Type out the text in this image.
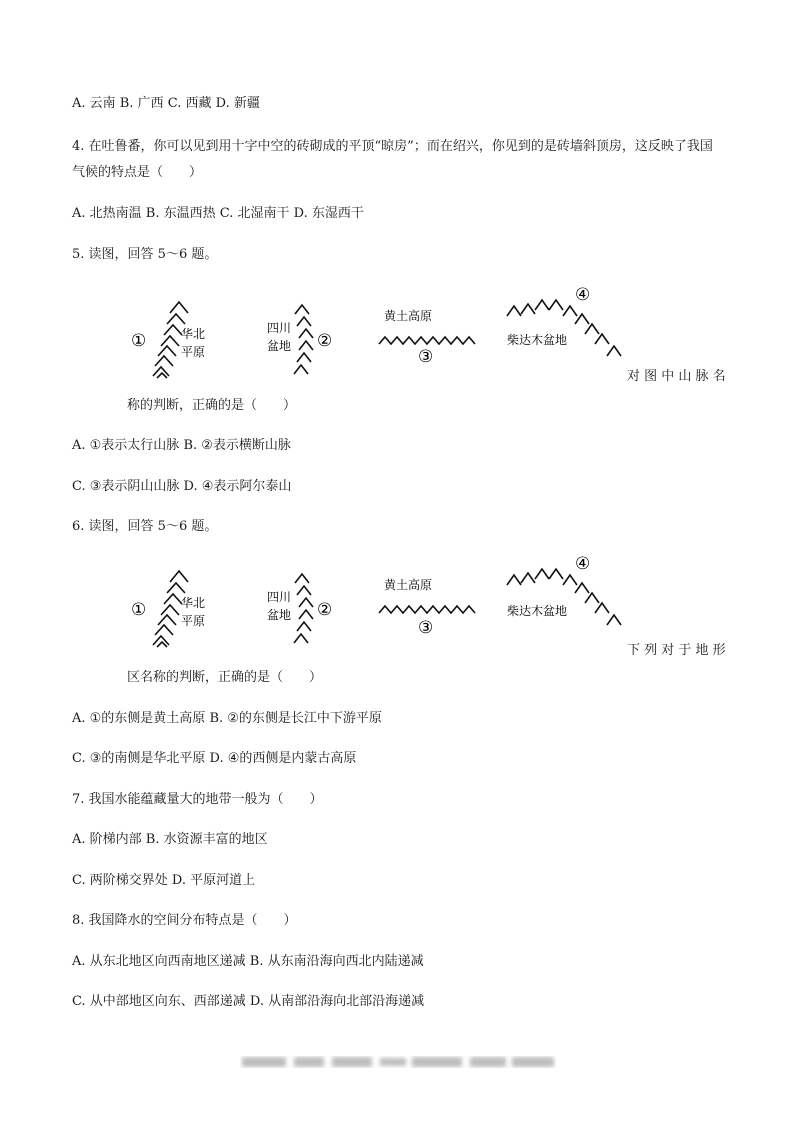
A. 云南 B. 广西 C. 西藏 D. 新疆
4. 在吐鲁番，你可以见到用十字中空的砖砌成的平顶“晾房”；而在绍兴，你见到的是砖墙斜顶房，这反映了我国气候的特点是（　　）
A. 北热南温 B. 东温西热 C. 北湿南干 D. 东湿西干
5. 读图，回答 5～6 题。
①	华北
平原
四川
盆地 ②
黄土高原
③
④
柴达木盆地
对 图 中 山 脉 名
称的判断，正确的是（　　）
A. ①表示太行山脉 B. ②表示横断山脉
C. ③表示阴山山脉 D. ④表示阿尔泰山
6. 读图，回答 5～6 题。
①	华北
平原
四川
盆地 ②
黄土高原
③
④
柴达木盆地
下 列 对 于 地 形
区名称的判断，正确的是（　　）
A. ①的东侧是黄土高原 B. ②的东侧是长江中下游平原
C. ③的南侧是华北平原 D. ④的西侧是内蒙古高原
7. 我国水能蕴藏量大的地带一般为（　　）
A. 阶梯内部 B. 水资源丰富的地区
C. 两阶梯交界处 D. 平原河道上
8. 我国降水的空间分布特点是（　　）
A. 从东北地区向西南地区递减 B. 从东南沿海向西北内陆递减
C. 从中部地区向东、西部递减 D. 从南部沿海向北部沿海递减
